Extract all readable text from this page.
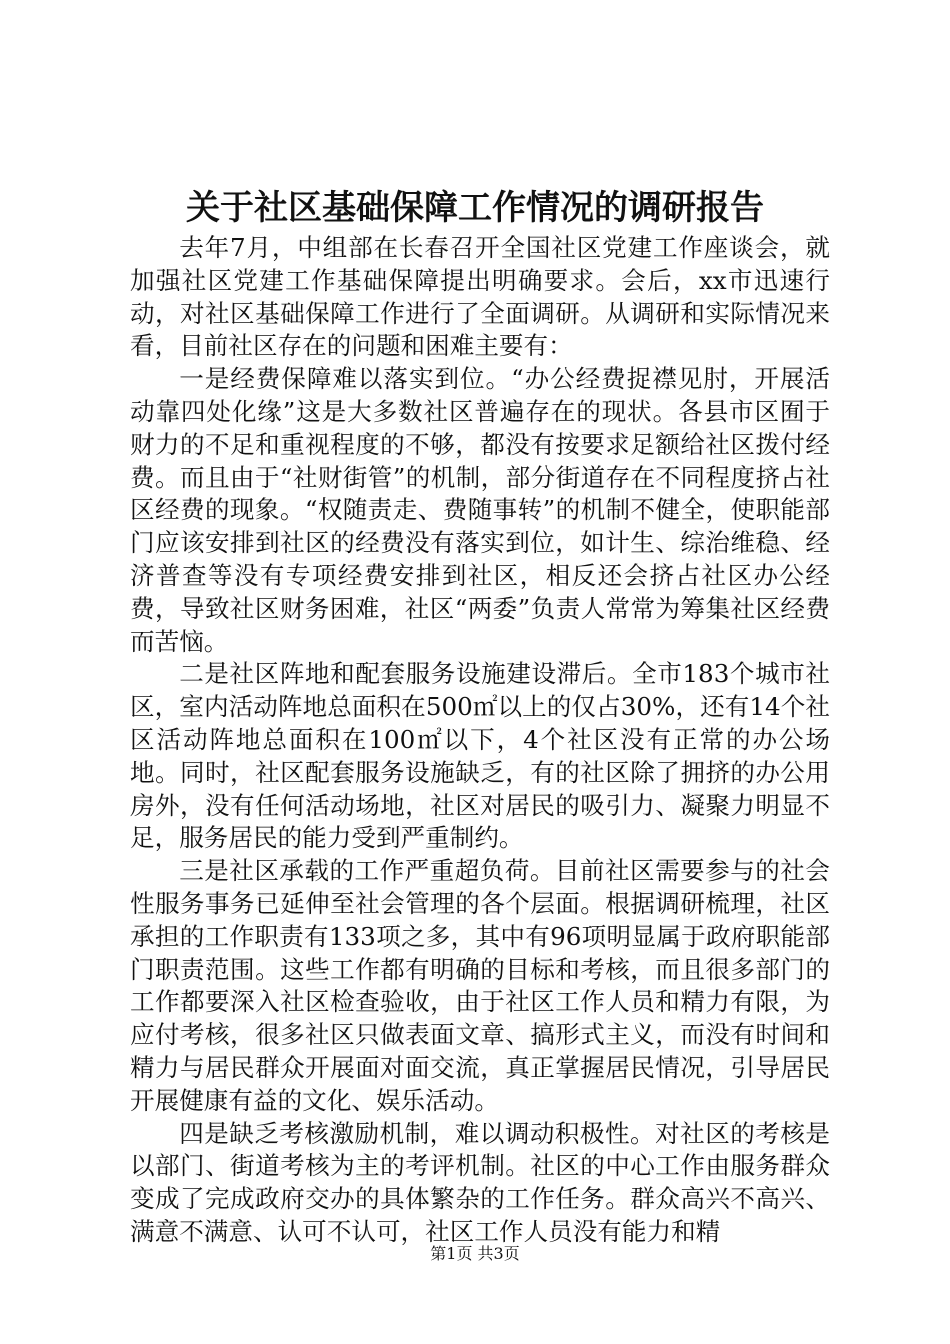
关于社区基础保障工作情况的调研报告

去年7月，中组部在长春召开全国社区党建工作座谈会，就加强社区党建工作基础保障提出明确要求。会后，xx市迅速行动，对社区基础保障工作进行了全面调研。从调研和实际情况来看，目前社区存在的问题和困难主要有：

一是经费保障难以落实到位。“办公经费捉襟见肘，开展活动靠四处化缘”这是大多数社区普遍存在的现状。各县市区囿于财力的不足和重视程度的不够，都没有按要求足额给社区拨付经费。而且由于“社财街管”的机制，部分街道存在不同程度挤占社区经费的现象。“权随责走、费随事转”的机制不健全，使职能部门应该安排到社区的经费没有落实到位，如计生、综治维稳、经济普查等没有专项经费安排到社区，相反还会挤占社区办公经费，导致社区财务困难，社区“两委”负责人常常为筹集社区经费而苦恼。

二是社区阵地和配套服务设施建设滞后。全市183个城市社区，室内活动阵地总面积在500㎡以上的仅占30%，还有14个社区活动阵地总面积在100㎡以下，4个社区没有正常的办公场地。同时，社区配套服务设施缺乏，有的社区除了拥挤的办公用房外，没有任何活动场地，社区对居民的吸引力、凝聚力明显不足，服务居民的能力受到严重制约。

三是社区承载的工作严重超负荷。目前社区需要参与的社会性服务事务已延伸至社会管理的各个层面。根据调研梳理，社区承担的工作职责有133项之多，其中有96项明显属于政府职能部门职责范围。这些工作都有明确的目标和考核，而且很多部门的工作都要深入社区检查验收，由于社区工作人员和精力有限，为应付考核，很多社区只做表面文章、搞形式主义，而没有时间和精力与居民群众开展面对面交流，真正掌握居民情况，引导居民开展健康有益的文化、娱乐活动。

四是缺乏考核激励机制，难以调动积极性。对社区的考核是以部门、街道考核为主的考评机制。社区的中心工作由服务群众变成了完成政府交办的具体繁杂的工作任务。群众高兴不高兴、满意不满意、认可不认可，社区工作人员没有能力和精

第1页 共3页
